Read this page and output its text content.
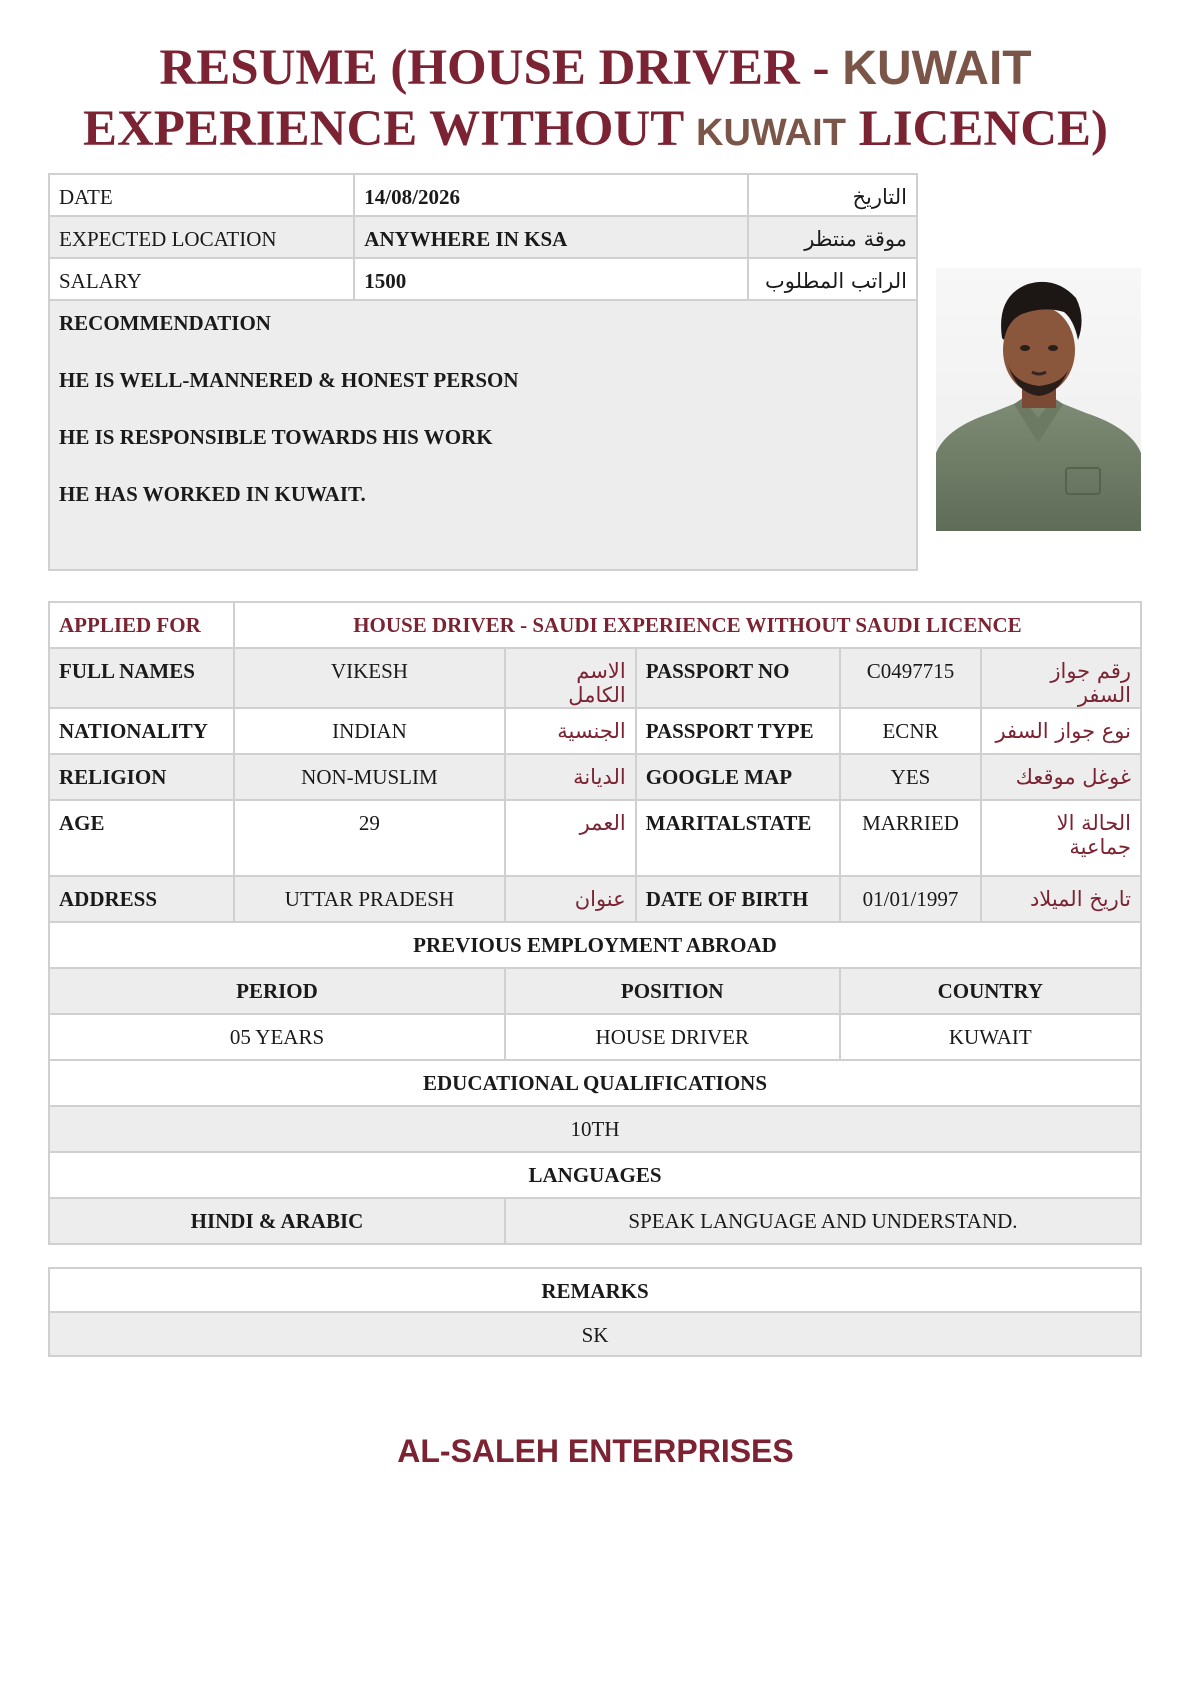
RESUME (HOUSE DRIVER - KUWAIT
EXPERIENCE WITHOUT KUWAIT LICENCE)
DATE	14/08/2026	التاريخ
EXPECTED LOCATION	ANYWHERE IN KSA	موقة منتظر
SALARY	1500	الراتب المطلوب

RECOMMENDATION

HE IS WELL-MANNERED & HONEST PERSON

HE IS RESPONSIBLE TOWARDS HIS WORK

HE HAS WORKED IN KUWAIT.		

APPLIED FOR	HOUSE DRIVER - SAUDI EXPERIENCE WITHOUT SAUDI LICENCE				
FULL NAMES	VIKESH	الاسم الكامل	PASSPORT NO	C0497715	رقم جواز السفر
NATIONALITY	INDIAN	الجنسية	PASSPORT TYPE	ECNR	نوع جواز السفر
RELIGION	NON-MUSLIM	الديانة	GOOGLE MAP	YES	غوغل موقعك
AGE	29	العمر	MARITALSTATE	MARRIED	الحالة الا جماعية
ADDRESS	UTTAR PRADESH	عنوان	DATE OF BIRTH	01/01/1997	تاريخ الميلاد
PREVIOUS EMPLOYMENT ABROAD					
PERIOD		POSITION		COUNTRY	
05 YEARS		HOUSE DRIVER		KUWAIT	
EDUCATIONAL QUALIFICATIONS					
10TH					
LANGUAGES					
HINDI & ARABIC		SPEAK LANGUAGE AND UNDERSTAND.			
REMARKS
SK
AL-SALEH ENTERPRISES
